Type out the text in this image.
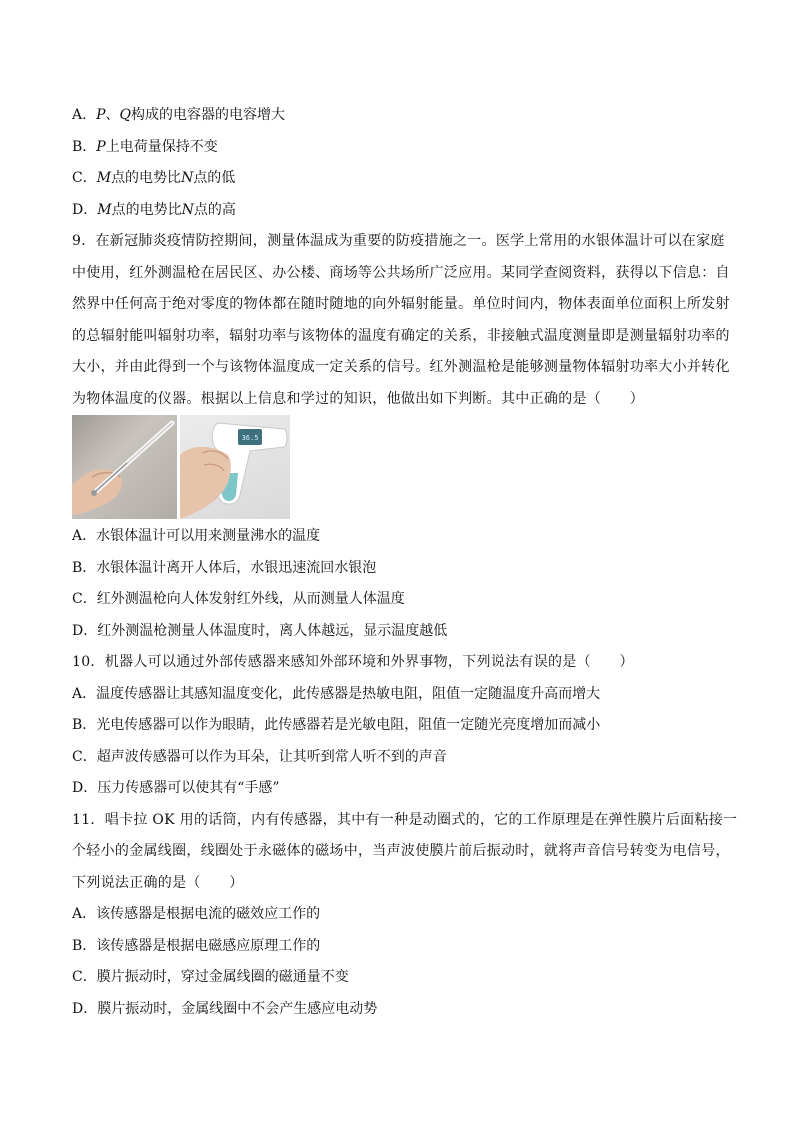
A．P、Q构成的电容器的电容增大
B．P上电荷量保持不变
C．M点的电势比N点的低
D．M点的电势比N点的高
9．在新冠肺炎疫情防控期间，测量体温成为重要的防疫措施之一。医学上常用的水银体温计可以在家庭
中使用，红外测温枪在居民区、办公楼、商场等公共场所广泛应用。某同学查阅资料，获得以下信息：自
然界中任何高于绝对零度的物体都在随时随地的向外辐射能量。单位时间内，物体表面单位面积上所发射
的总辐射能叫辐射功率，辐射功率与该物体的温度有确定的关系，非接触式温度测量即是测量辐射功率的
大小，并由此得到一个与该物体温度成一定关系的信号。红外测温枪是能够测量物体辐射功率大小并转化
为物体温度的仪器。根据以上信息和学过的知识，他做出如下判断。其中正确的是（　　）
36.5
A．水银体温计可以用来测量沸水的温度
B．水银体温计离开人体后，水银迅速流回水银泡
C．红外测温枪向人体发射红外线，从而测量人体温度
D．红外测温枪测量人体温度时，离人体越远，显示温度越低
10．机器人可以通过外部传感器来感知外部环境和外界事物，下列说法有误的是（　　）
A．温度传感器让其感知温度变化，此传感器是热敏电阻，阻值一定随温度升高而增大
B．光电传感器可以作为眼睛，此传感器若是光敏电阻，阻值一定随光亮度增加而减小
C．超声波传感器可以作为耳朵，让其听到常人听不到的声音
D．压力传感器可以使其有“手感”
11．唱卡拉 OK 用的话筒，内有传感器，其中有一种是动圈式的，它的工作原理是在弹性膜片后面粘接一
个轻小的金属线圈，线圈处于永磁体的磁场中，当声波使膜片前后振动时，就将声音信号转变为电信号，
下列说法正确的是（　　）
A．该传感器是根据电流的磁效应工作的
B．该传感器是根据电磁感应原理工作的
C．膜片振动时，穿过金属线圈的磁通量不变
D．膜片振动时，金属线圈中不会产生感应电动势
